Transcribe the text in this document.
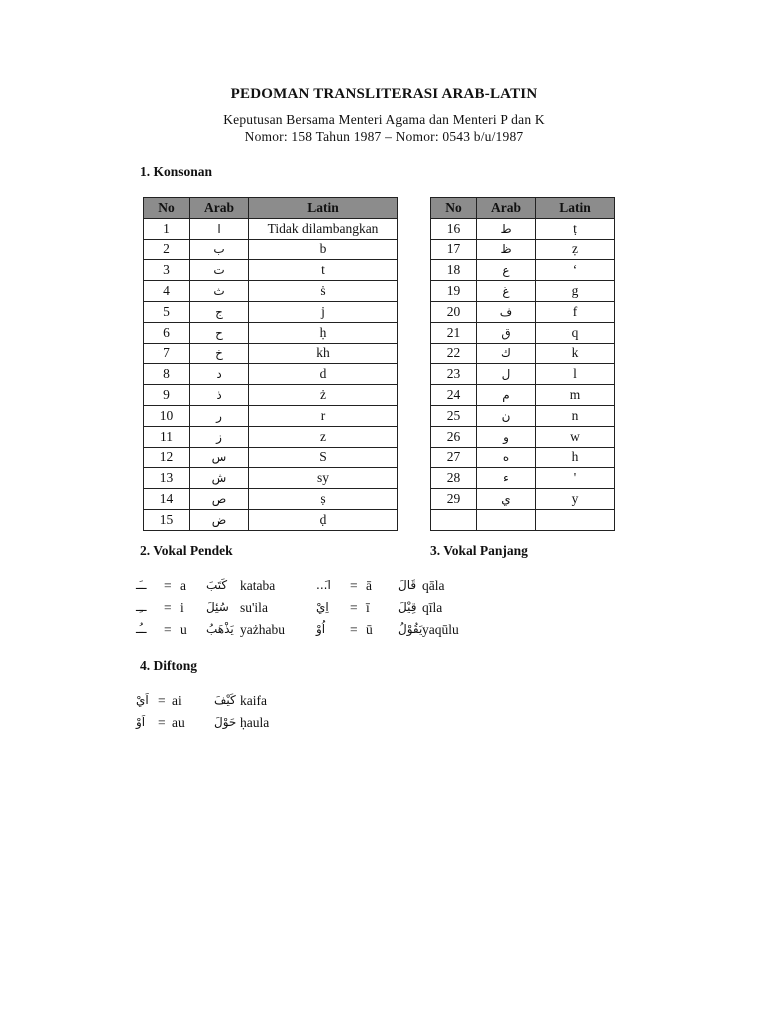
PEDOMAN TRANSLITERASI ARAB-LATIN
Keputusan Bersama Menteri Agama dan Menteri P dan K
Nomor: 158 Tahun 1987 – Nomor: 0543 b/u/1987
1. Konsonan
No	Arab	Latin
1	ا	Tidak dilambangkan
2	ب	b
3	ت	t
4	ث	ṡ
5	ج	j
6	ح	ḥ
7	خ	kh
8	د	d
9	ذ	ż
10	ر	r
11	ز	z
12	س	S
13	ش	sy
14	ص	ṣ
15	ض	ḍ
No	Arab	Latin
16	ط	ṭ
17	ظ	ẓ
18	ع	‘
19	غ	g
20	ف	f
21	ق	q
22	ك	k
23	ل	l
24	م	m
25	ن	n
26	و	w
27	ه	h
28	ء	'
29	ي	y

2. Vokal Pendek	3. Vokal Panjang
ــَـ = a كَتَبَ kataba
ــِـ = i سُئِلَ su'ila
ــُـ = u يَذْهَبُ yażhabu
...َا = ā قَالَ qāla
اِيْ = ī قِيْلَ qīla
اُوْ = ū يَقُوْلُ yaqūlu
4. Diftong
اَيْ = ai	كَيْفَ kaifa
اَوْ = au حَوْلَ ḥaula
